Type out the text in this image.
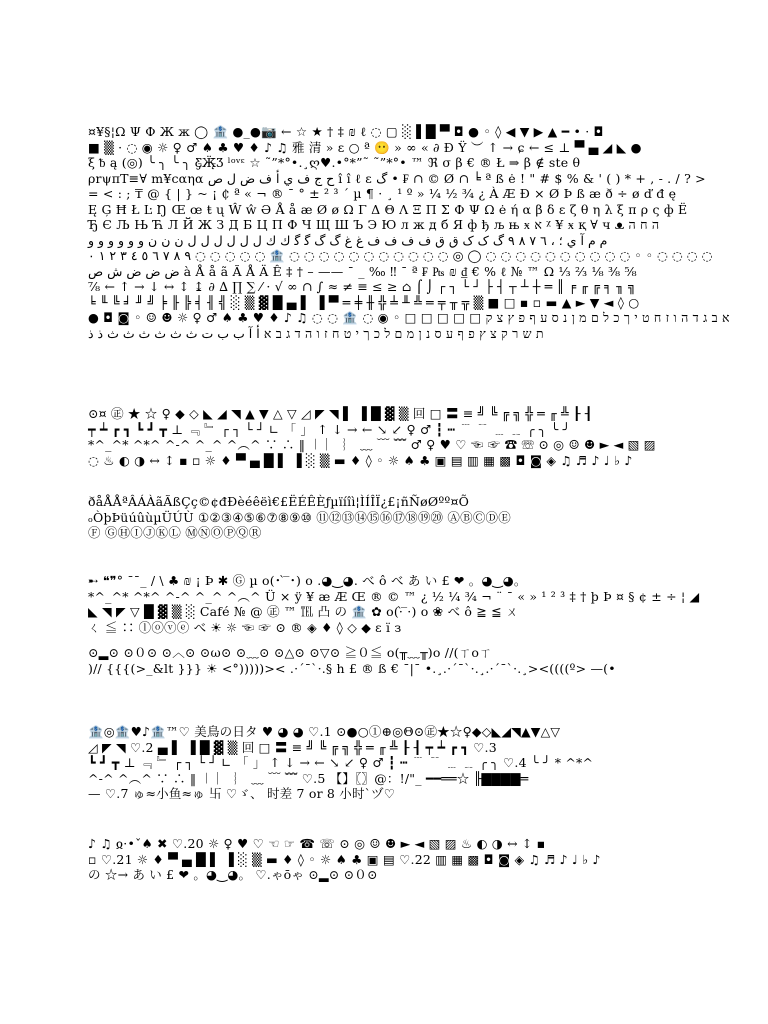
¤¥§¦Ω Ψ Φ Ж ж ◯ 🏦 ●_●📷 ← ☆ ★ † ‡ ₪ ℓ ◌ ▢ ░ ▌█ ▀ ◘ ● ◦ ◊ ◀ ▼ ▶ ▲ ━ • · ◘
■ ▒ · ◌ ◉ ☼ ♀ ♂ ♠ ♣ ♥ ♦ ♪ ♫ 雅 清 » ɛ ○ ª 😶 » ∞ « ∂ Ð Ÿ ︶ ↑ → ɕ ← ≤ ⊥ ▀ ▄ ◢ ◣ ●
ξ ᵬ ą (◎) ╰ ╮ ╰ ╮ Ƹ̵̡Ӝ̵̨̄Ʒ ˡᵒᵛᵋ ☆ ˜”*°•.¸ღ♥.•°*”˜ ˜”*°• ™ ℜ σ β € ® Ł ⇒ β ∉ ste θ
ρrψπT≡∀ m¥cαηα ﺡ ﺝ ﻑ ﻱ ﺃ ﻑ ﺽ ﻝ ﺹ î î ℓ ε گ • ₣ ∩ © Ø ∩ ╘ ª ß ė ! " # $ % & ' ( ) * + , - . / ? >
= < : ; ₸ @ { | } ~ ¡ ₵ ª « ¬ ® ¯ ° ± ² ³ ´ µ ¶ · ¸ ¹ º » ¼ ½ ¾ ¿ À Æ Ð × Ø Þ ß æ ð ÷ ø ď đ ę
Ę Ģ Ħ Ł Ŀ Ŋ Œ œ ŧ ų Ŵ ŵ Ə Å å æ Ø ø Ω Γ Δ Θ Λ Ξ Π Σ Φ Ψ Ω ė ή α β δ ε ζ θ η λ ξ π ρ ς ф Ё
Ђ Є Љ Њ Ћ Л Й Ж З Д Б Ц П Ф Ч Щ Ш Ъ Э Ю л ж д б Я ф ђ љ њ ӿ א ᵡ ¥ ӿ қ ∀ ч ᴥ ה ח ה
ﻡ ﻡ ﺁ ﻱ ؛ ، ٦ ٧ ٨ ٩ گ ک ک ﻕ ﻕ ﻑ ﻑ ﻑ ﻑ ﻍ ﻍ ﮒ ﮒ ﮔ ﮔ ﻙ ﻙ ﻝ ﻝ ﻝ ﻝ ﻝ ﻝ ﻥ ﻥ ﻥ ﻭ ﻭ ﻭ ﻭ ﻭ ﻭ
٩ ٨ ٧ ٦ ٥ ٤ ٣ ٢ ١ ٠ ◌ ◌ ◌ ◌ ◌ 🏦 ◌ ◌ ◌ ◌ ◌ ◌ ◌ ◌ ◌ ◌ ◌ ◎ ◯ ◌ ◌ ◌ ◌ ◌ ◌ ◌ ◌ ◌ ◌ ◦ ◦ ◌ ◌ ◌ ◌
ﺽ ﺽ ﺽ ﺵ ﺹ à Å å ã Ã Å Ä Ê ‡ † – —— ¯ _ ‰ ‼ ¯ ª ₣ ₧ ₪ ₫ € % ℓ № ™ Ω ⅓ ⅔ ⅛ ⅜ ⅝
⅞ ← ↑ → ↓ ↔ ↕ ↨ ∂ ∆ ∏ ∑ ⁄ · √ ∞ ∩ ∫ ≈ ≠ ≡ ≤ ≥ ⌂ ⌠ ⌡ ┌ ┐ └ ┘ ├ ┤ ┬ ┴ ┼ ═ ║ ╒ ╓ ╔ ╕ ╖ ╗
╘ ╙ ╚ ╛ ╜ ╝ ╞ ╟ ╠ ╡ ╢ ╣ ░ ▒ ▓ █ ▄ ▌ ▐ ▀ ═ ╪ ╫ ╬ ╧ ╨ ╩ ═ ╤ ╥ ╦ ▒ ■ □ ▪ ▫ ▬ ▲ ► ▼ ◄ ◊ ○
● ◘ ◙ ◦ ☺ ☻ ☼ ♀ ♂ ♠ ♣ ♥ ♦ ♪ ♫ ◌ ◌ 🏦 ◌ ◉ ◦ □ □ □ □ □ א ב ג ד ה ו ז ח ט י ך כ ל ם מ ן נ ס ע ף פ ץ צ ק
ת ש ר ק צ ץ פ ף ע ס נ ן מ ם ל כ ך י ט ח ז ו ה ד ג ב א ﺃ ﺁ ﺏ ﺏ ﺕ ﺙ ﺙ ﺙ ﺙ ﺙ ﺙ ﺫ ﺫ
⊙¤ ㊣ ★ ☆ ♀ ◆ ◇ ◣ ◢ ◥ ▲ ▼ △ ▽ ◿ ◤ ◥ ▌ ▐ █ ▓ ▒ 回 □ 〓 ≡ ╝ ╚ ╔ ╗ ╬ ═ ╓ ╩ ┠ ┨
┯ ┷ ┏ ┓ ┗ ┛ ┳ ⊥ ﹃ ﹄ ┌ ┐ └ ┘ ∟ 「 」 ↑ ↓ → ← ↘ ↙ ♀ ♂ ┇ ┅ ﹉ ﹊ ﹍ ﹎ ╭ ╮ ╰ ╯
*^_^* ^*^ ^-^ ^_^ ^︵^ ∵ ∴ ‖ ︱ ︳ ︴ ﹏ ﹋ ﹌ ♂ ♀ ♥ ♡ ☜ ☞ ☎ ☏ ⊙ ◎ ☺ ☻ ► ◄ ▧ ▨
◌ ♨ ◐ ◑ ↔ ↕ ▪ ▫ ☼ ♦ ▀ ▄ █ ▌ ▐ ░ ▒ ▬ ♦ ◊ ◦ ☼ ♠ ♣ ▣ ▤ ▥ ▦ ▩ ◘ ◙ ◈ ♫ ♬ ♪ ♩ ♭ ♪
ðåÅÅªÂÁÀãÃßÇç©¢đÐèéêëì€£ËÉÊÈƒµïíîì¦ÌÍÎÏ¿£¡ñÑøØºº¤Õ
ₒÒþÞüúûùµÜÚÙ ①②③④⑤⑥⑦⑧⑨⑩ ⑪⑫⑬⑭⑮⑯⑰⑱⑲⑳ ⒶⒷⒸⒹⒺ
Ⓕ ⒼⒽⒾⒿⓀⓁ ⓂⓃⓄⓅⓆⓇ
➸ ❝❞° ¯¯_ / \ ♣ ₪ ¡ Þ ✱ Ⓖ µ o(･ ̀ ̅･) o .◕‿◕. べ ô べ あ い £ ❤ 。◕‿◕。
*^_^* ^*^ ^-^ ^_^ ^︵^ Ü × ÿ ¥ æ Æ Œ ® © ™ ¿ ½ ¼ ¾ ¬ ¨ ¯ « » ¹ ² ³ ‡ † þ Þ ¤ § ¢ ± ÷ ¦ ◢
◣ ◥ ◤ ▽ █ ▓ ▒ ░ Café № @ ㊣ ™ ℡ 凸 の 🏦 ✿ o(·̀ ̅·) o ❀ べ ô ≧ ≦ ㄨ
ㄑ ≦ ∷ ⓛⓞⓥⓔ べ ☀ ☼ ☜ ☞ ⊙ ® ◈ ♦ ◊ ◇ ◆ ε ї з
⊙▂⊙ ⊙０⊙ ⊙︿⊙ ⊙ω⊙ ⊙﹏⊙ ⊙△⊙ ⊙▽⊙ ≧０≦ o(╥﹏╥)o //(ㄒoㄒ
)// {{{(>_&lt }}} ☀ <°)))))>< .·´¯`·.§ h £ ® ß € ¯|¯ •.¸.·´¯`·.¸.·´¯`·.¸><((((º> —(•
🏦◎🏦♥♪🏦™♡ 美鳥の日タ ♥ ◕ ◕ ♡.1 ⊙●○①⊕◎Θ⊙㊣★☆♀◆◇◣◢◥▲▼△▽
◿ ◤ ◥ ♡.2 ▄ ▌ ▐ █ ▓ ▒ 回 □ 〓 ≡ ╝ ╚ ╔ ╗ ╬ ═ ╓ ╩ ┠ ┨ ┯ ┷ ┏ ┓ ♡.3
┗ ┛ ┳ ⊥ ﹃ ﹄ ┌ ┐ └ ┘ ∟ 「 」 ↑ ↓ → ← ↘ ↙ ♀ ♂ ┇ ┅ ﹉ ﹊ ﹍ ﹎ ╭ ╮ ♡.4 ╰ ╯ * ^*^
^-^ ^︵^ ∵ ∴ ‖ ︱ ︳ ︴ ﹏ ﹋ ﹌ ♡.5 【】〖〗@：!/"_ ━━══☆ ╟▇▇▇▇═
— ♡.7 ゅ≈小鱼≈ゅ 卐 ♡ゞ、 时差 7 or 8 小时`ヅ♡
♪ ♫ ჲ·•ˇ♠ ✖ ♡.20 ☼ ♀ ♥ ♡ ☜ ☞ ☎ ☏ ⊙ ◎ ☺ ☻ ► ◄ ▧ ▨ ♨ ◐ ◑ ↔ ↕ ▪
▫ ♡.21 ☼ ♦ ▀ ▄ █ ▌ ▐ ░ ▒ ▬ ♦ ◊ ◦ ☼ ♠ ♣ ▣ ▤ ♡.22 ▥ ▦ ▩ ◘ ◙ ◈ ♫ ♬ ♪ ♩ ♭ ♪
の ☆→ あ い £ ❤ 。◕‿◕。 ♡.ゃōゃ ⊙▂⊙ ⊙０⊙
